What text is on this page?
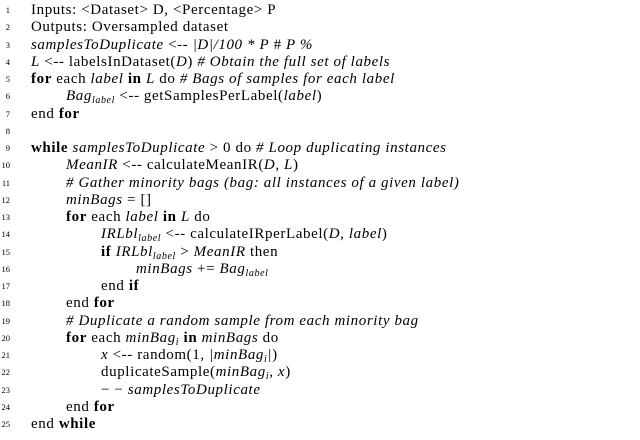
1 Inputs: <Dataset> D, <Percentage> P
2 Outputs: Oversampled dataset
3 samplesToDuplicate <-- |D|/100 * P # P %
4 L <-- labelsInDataset(D) # Obtain the full set of labels
5 for each label in L do # Bags of samples for each label
6	Bag$_{label}$ <-- getSamplesPerLabel(label)
7 end for
8
9 while samplesToDuplicate > 0 do # Loop duplicating instances
10	MeanIR <-- calculateMeanIR(D, L)
11	# Gather minority bags (bag: all instances of a given label)
12	minBags = []
13	for each label in L do
14	IRLbl$_{label}$ <-- calculateIRperLabel(D, label)
15	if IRLbl$_{label}$ > MeanIR then
16	minBags += Bag$_{label}$
17	end if
18	end for
19	# Duplicate a random sample from each minority bag
20	for each minBag$_i$ in minBags do
21	x <-- random(1, |minBag$_i$|)
22	duplicateSample(minBag$_i$, x)
23	− − samplesToDuplicate
24	end for
25 end while
